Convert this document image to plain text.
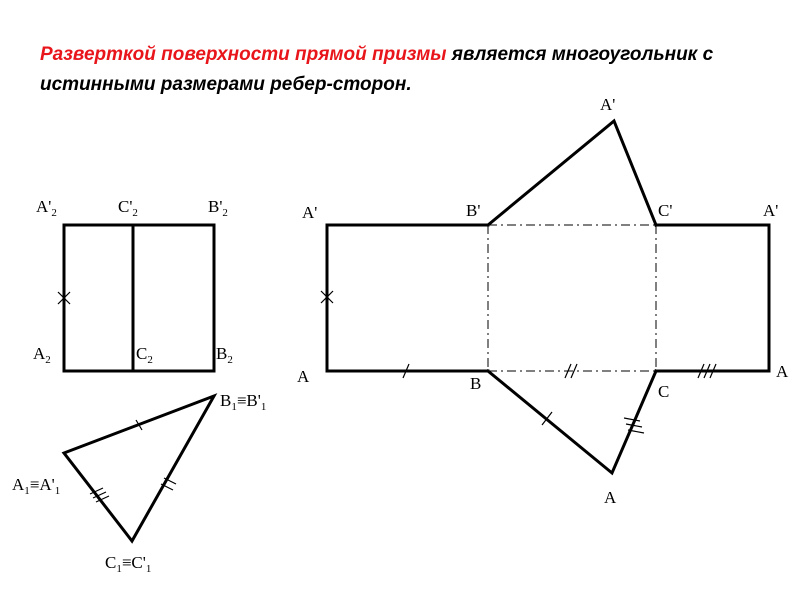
Разверткой поверхности прямой призмы является многоугольник с истинными размерами ребер-сторон.
$A'_2$	$C'_2$	$B'_2$
$A_2$	$C_2$	$B_2$
$B_1\equiv B'_1$
$A_1\equiv A'_1$
$C_1\equiv C'_1$
A'	B'	C'	A'
A'
A	B	C
A
A
